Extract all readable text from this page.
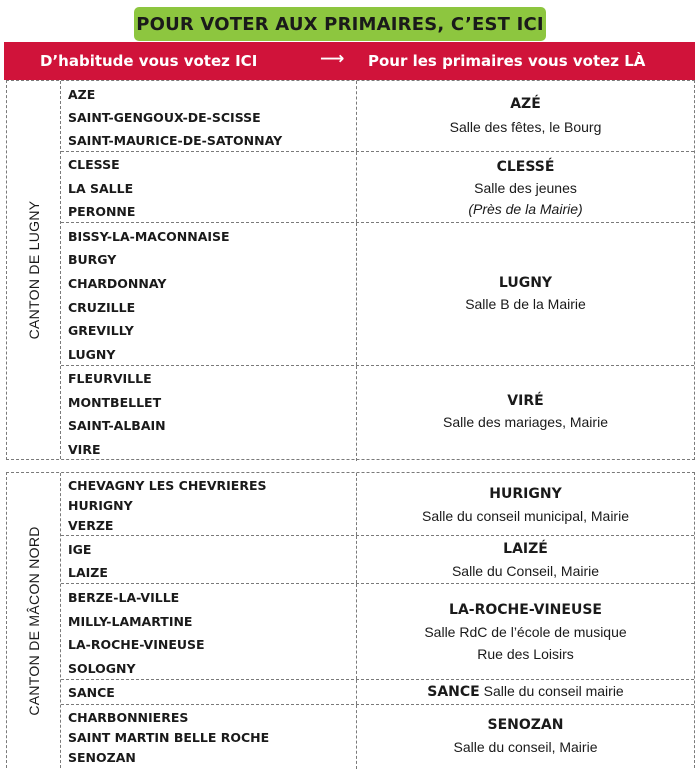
POUR VOTER AUX PRIMAIRES, C’EST ICI
D’habitude vous votez ICI	⟶ Pour les primaires vous votez LÀ
CANTON DE LUGNY
AZE
SAINT-GENGOUX-DE-SCISSE
SAINT-MAURICE-DE-SATONNAY
AZÉ
Salle des fêtes, le Bourg
CLESSE
LA SALLE
PERONNE
CLESSÉ
Salle des jeunes
(Près de la Mairie)
BISSY-LA-MACONNAISE
BURGY
CHARDONNAY
CRUZILLE
GREVILLY
LUGNY
LUGNY
Salle B de la Mairie
FLEURVILLE
MONTBELLET
SAINT-ALBAIN
VIRE
VIRÉ
Salle des mariages, Mairie
CANTON DE MÂCON NORD
CHEVAGNY LES CHEVRIERES
HURIGNY
VERZE
HURIGNY
Salle du conseil municipal, Mairie
IGE
LAIZE
LAIZÉ
Salle du Conseil, Mairie
BERZE-LA-VILLE
MILLY-LAMARTINE
LA-ROCHE-VINEUSE
SOLOGNY
LA-ROCHE-VINEUSE
Salle RdC de l’école de musique
Rue des Loisirs
SANCE	SANCE Salle du conseil mairie
CHARBONNIERES
SAINT MARTIN BELLE ROCHE
SENOZAN
SENOZAN
Salle du conseil, Mairie
